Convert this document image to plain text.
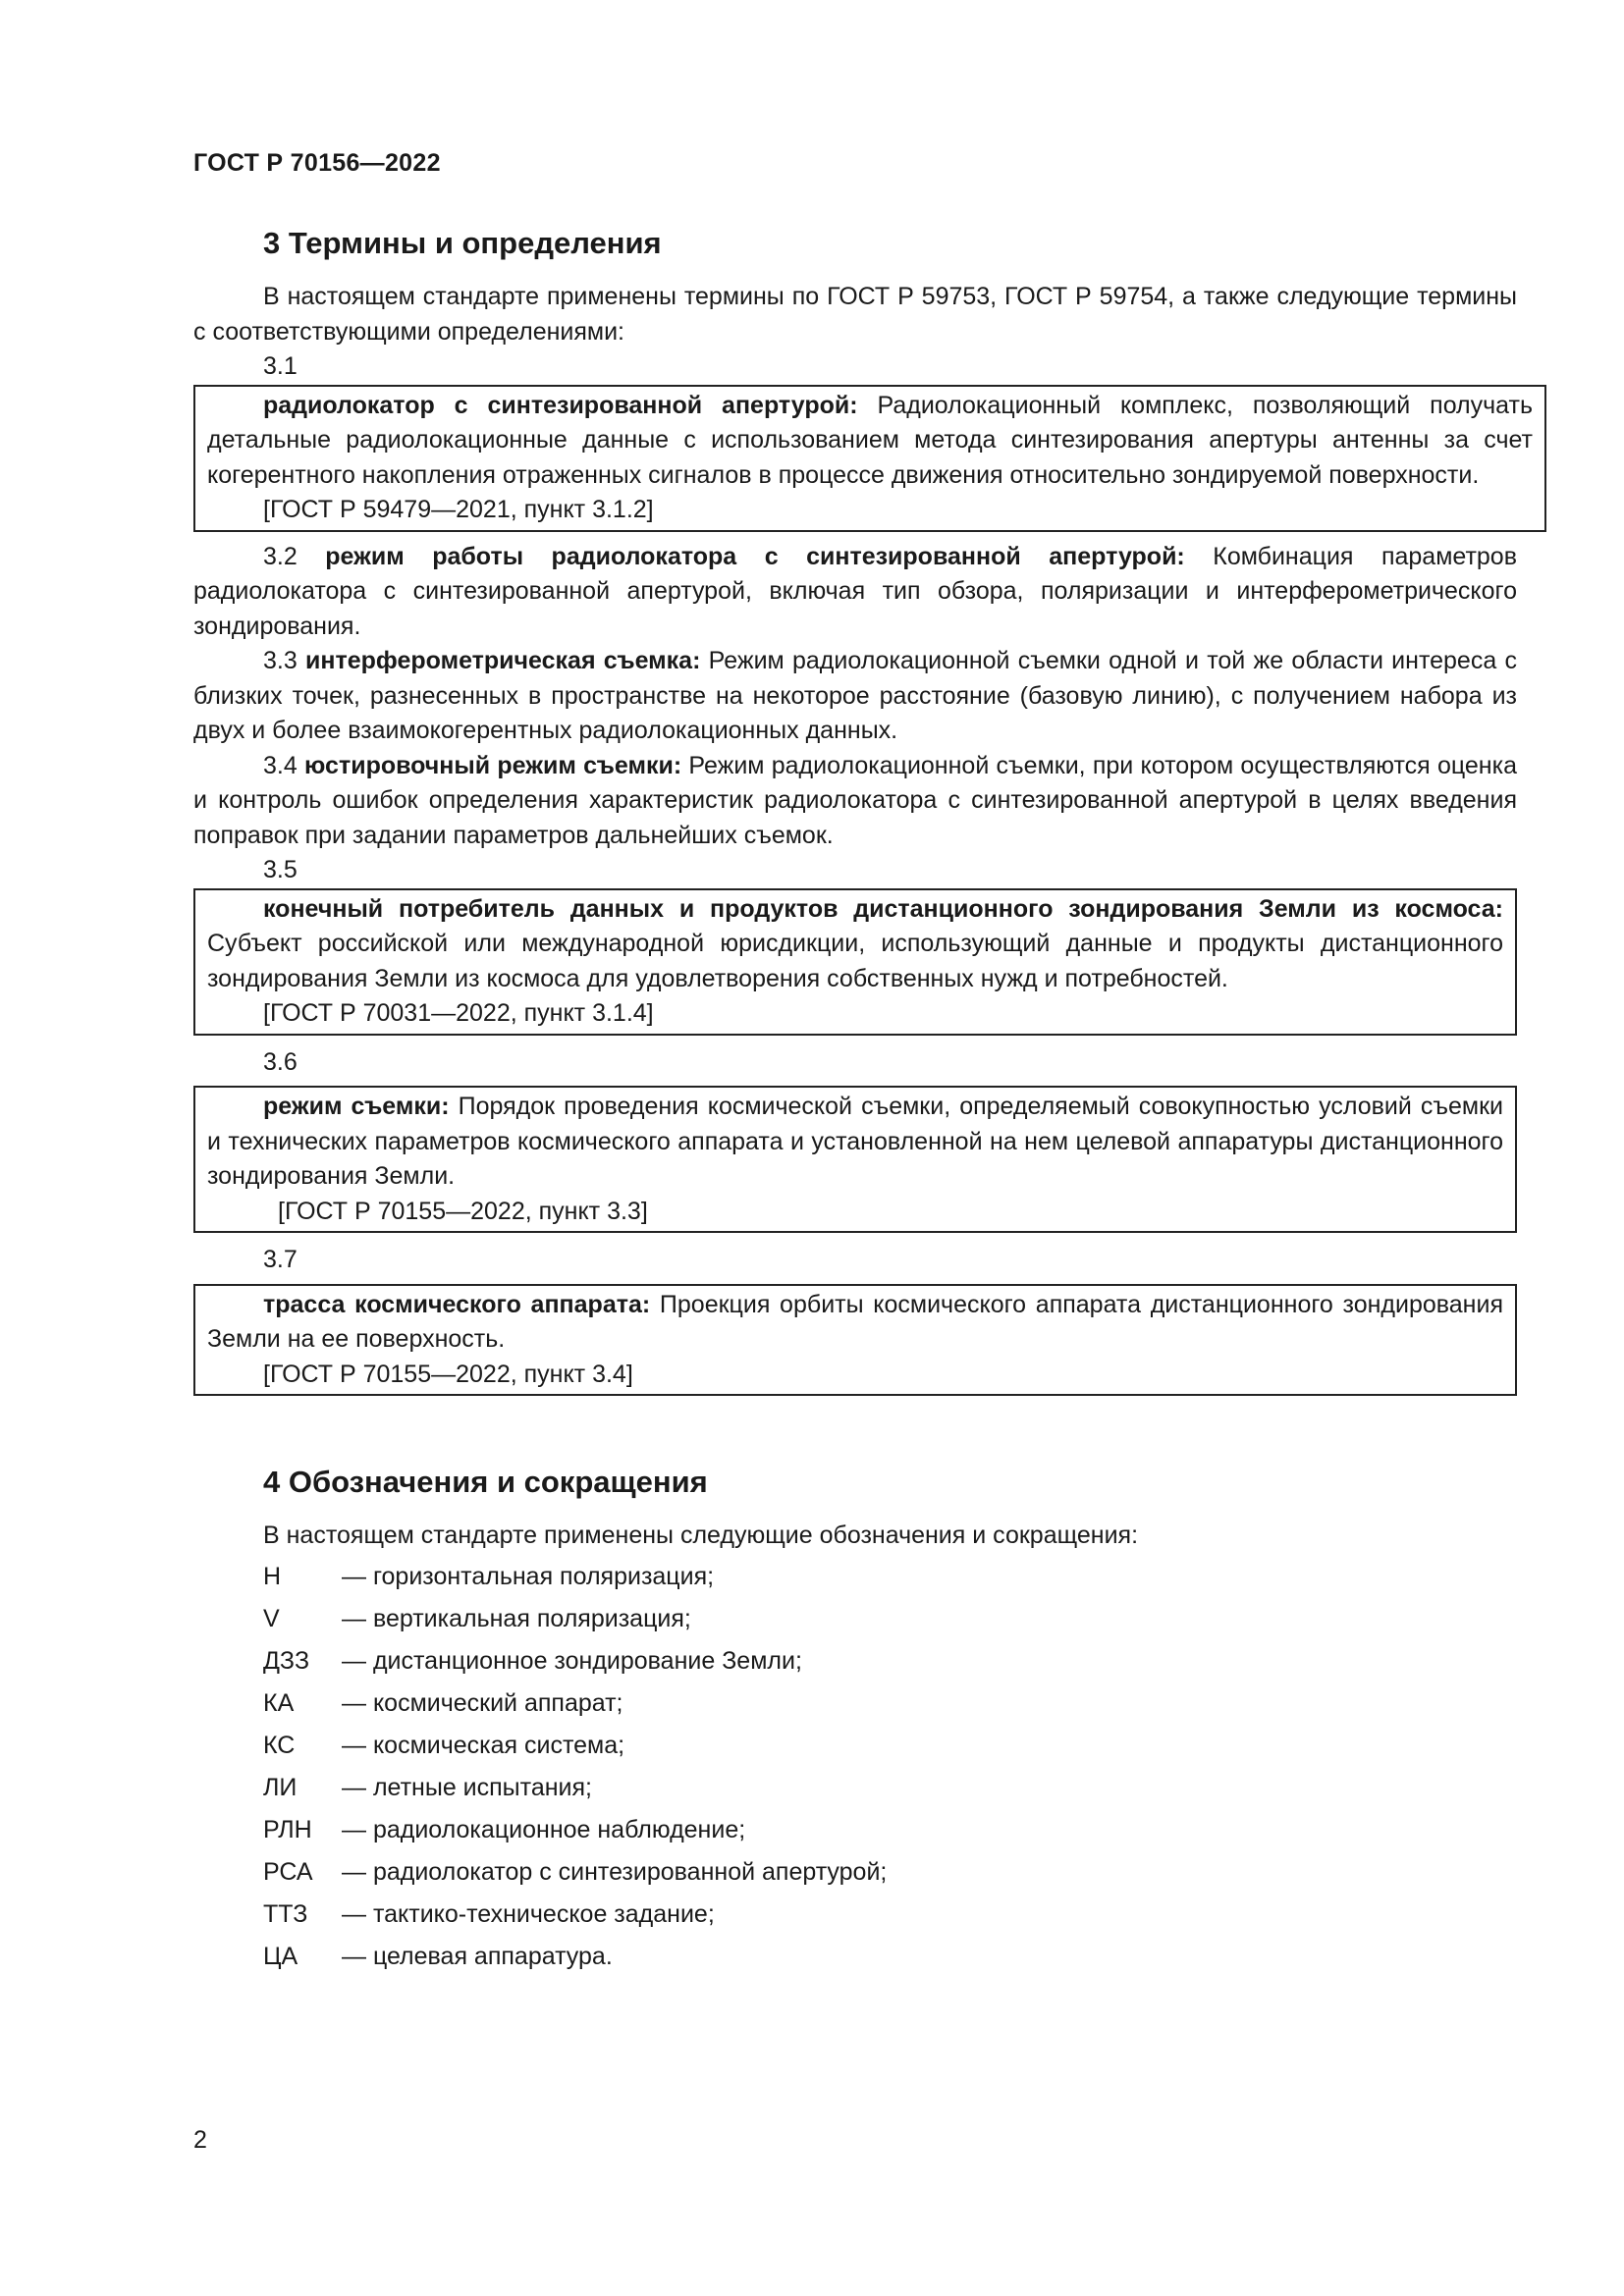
ГОСТ Р 70156—2022
3 Термины и определения

В настоящем стандарте применены термины по ГОСТ Р 59753, ГОСТ Р 59754, а также следующие термины с соответствующими определениями:

3.1

радиолокатор с синтезированной апертурой: Радиолокационный комплекс, позволяющий получать детальные радиолокационные данные с использованием метода синтезирования апертуры антенны за счет когерентного накопления отраженных сигналов в процессе движения относительно зондируемой поверхности.

[ГОСТ Р 59479—2021, пункт 3.1.2]

3.2 режим работы радиолокатора с синтезированной апертурой: Комбинация параметров радиолокатора с синтезированной апертурой, включая тип обзора, поляризации и интерферометрического зондирования.

3.3 интерферометрическая съемка: Режим радиолокационной съемки одной и той же области интереса с близких точек, разнесенных в пространстве на некоторое расстояние (базовую линию), с получением набора из двух и более взаимокогерентных радиолокационных данных.

3.4 юстировочный режим съемки: Режим радиолокационной съемки, при котором осуществляются оценка и контроль ошибок определения характеристик радиолокатора с синтезированной апертурой в целях введения поправок при задании параметров дальнейших съемок.

3.5

конечный потребитель данных и продуктов дистанционного зондирования Земли из космоса: Субъект российской или международной юрисдикции, использующий данные и продукты дистанционного зондирования Земли из космоса для удовлетворения собственных нужд и потребностей.

[ГОСТ Р 70031—2022, пункт 3.1.4]
3.6

режим съемки: Порядок проведения космической съемки, определяемый совокупностью условий съемки и технических параметров космического аппарата и установленной на нем целевой аппаратуры дистанционного зондирования Земли.

[ГОСТ Р 70155—2022, пункт 3.3]
3.7

трасса космического аппарата: Проекция орбиты космического аппарата дистанционного зондирования Земли на ее поверхность.

[ГОСТ Р 70155—2022, пункт 3.4]
4 Обозначения и сокращения

В настоящем стандарте применены следующие обозначения и сокращения:

H — горизонтальная поляризация;
V	— вертикальная поляризация;
ДЗЗ — дистанционное зондирование Земли;
КА — космический аппарат;
КС — космическая система;
ЛИ — летные испытания;
РЛН — радиолокационное наблюдение;
РСА — радиолокатор с синтезированной апертурой;
ТТЗ — тактико-техническое задание;
ЦА — целевая аппаратура.
2
